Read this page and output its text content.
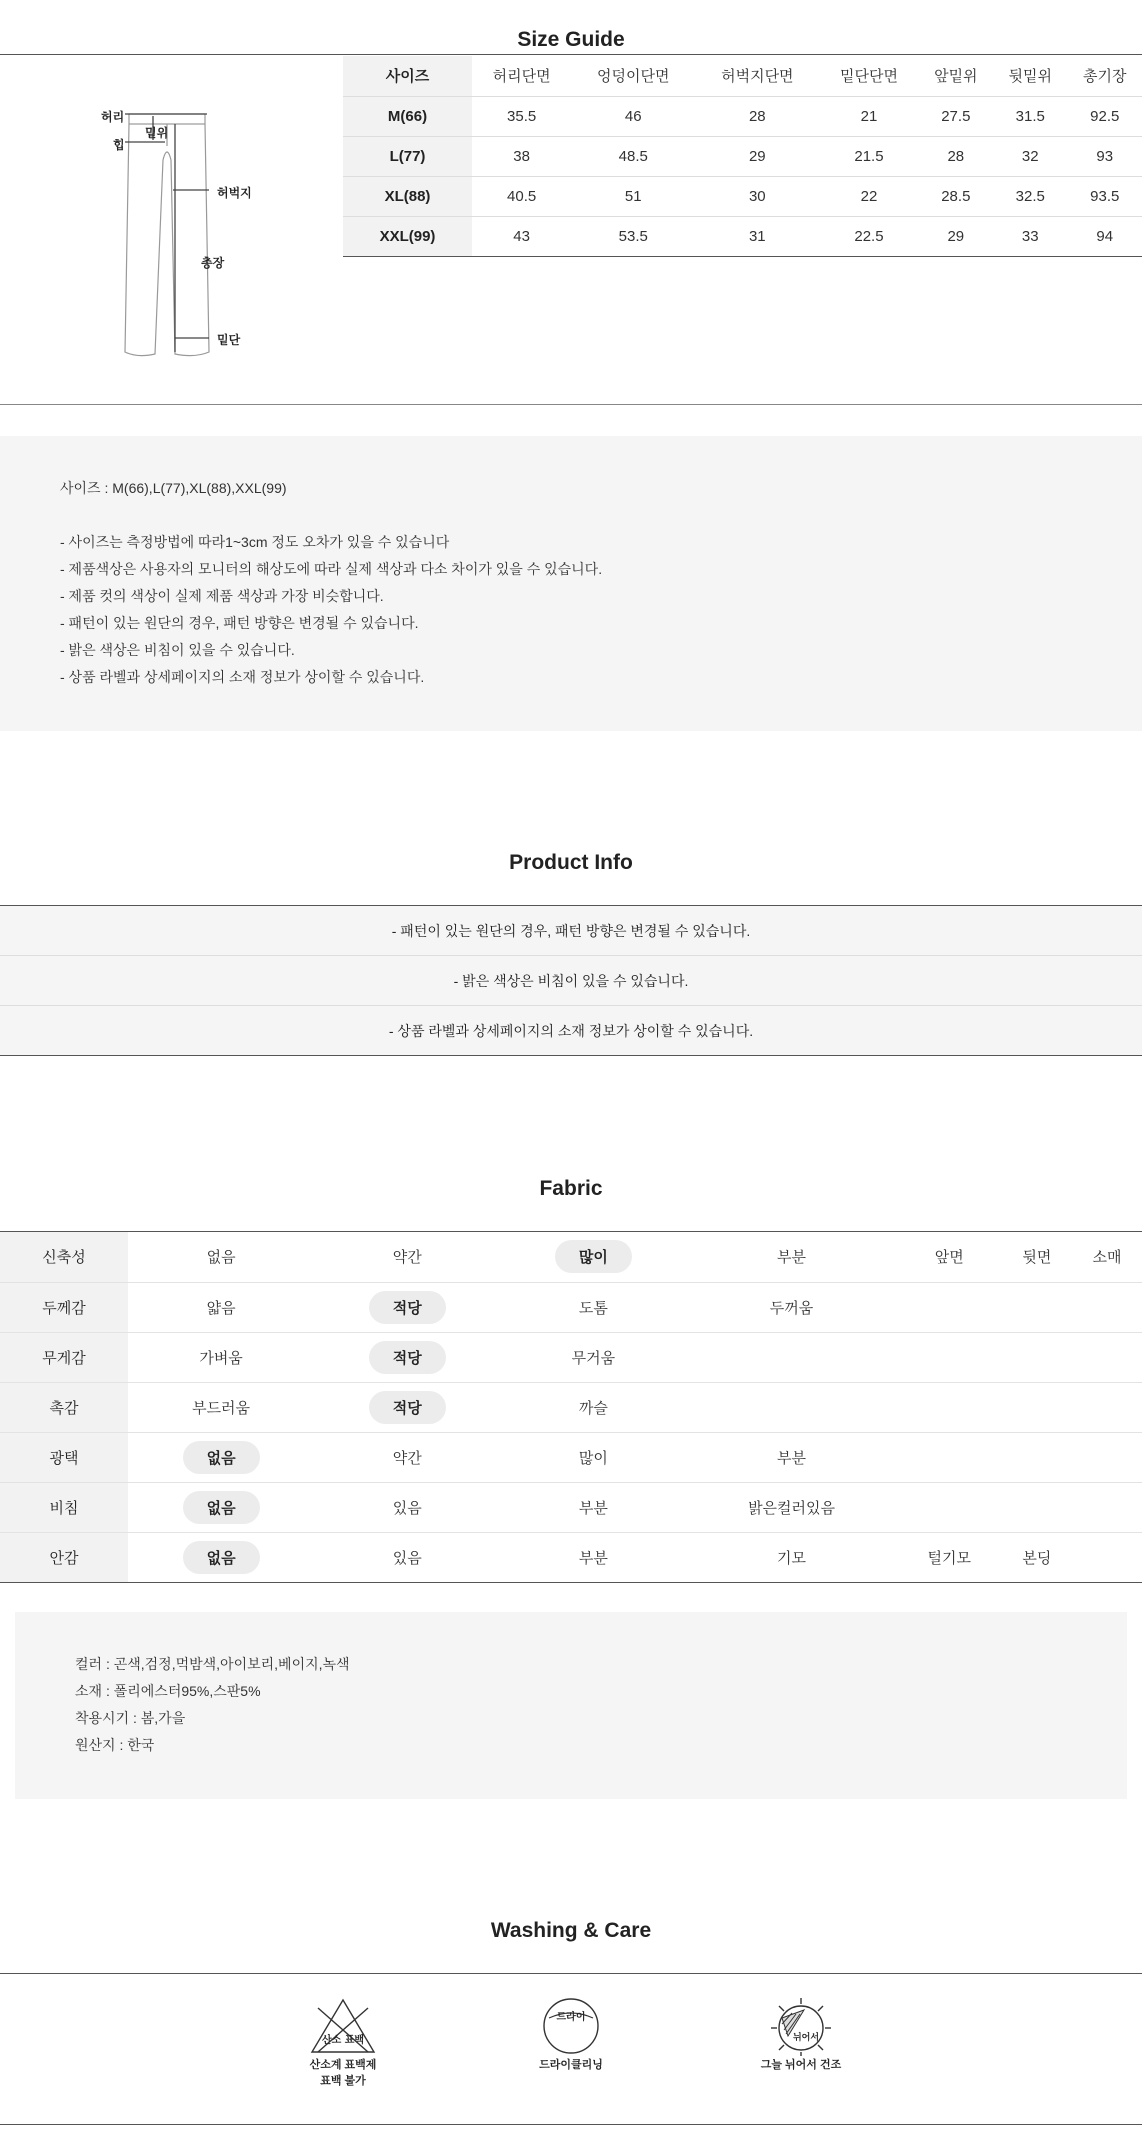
Size Guide
허리
힙
밑위
허벅지
총장
밑단
사이즈	허리단면	엉덩이단면	허벅지단면	밑단단면	앞밑위	뒷밑위	총기장
M(66)	35.5	46	28	21	27.5	31.5	92.5
L(77)	38	48.5	29	21.5	28	32	93
XL(88)	40.5	51	30	22	28.5	32.5	93.5
XXL(99)	43	53.5	31	22.5	29	33	94
사이즈 : M(66),L(77),XL(88),XXL(99)
- 사이즈는 측정방법에 따라1~3cm 정도 오차가 있을 수 있습니다
- 제품색상은 사용자의 모니터의 해상도에 따라 실제 색상과 다소 차이가 있을 수 있습니다.
- 제품 컷의 색상이 실제 제품 색상과 가장 비슷합니다.
- 패턴이 있는 원단의 경우, 패턴 방향은 변경될 수 있습니다.
- 밝은 색상은 비침이 있을 수 있습니다.
- 상품 라벨과 상세페이지의 소재 정보가 상이할 수 있습니다.
Product Info
- 패턴이 있는 원단의 경우, 패턴 방향은 변경될 수 있습니다.
- 밝은 색상은 비침이 있을 수 있습니다.
- 상품 라벨과 상세페이지의 소재 정보가 상이할 수 있습니다.
Fabric
신축성	없음	약간	많이	부분	앞면	뒷면	소매
두께감	얇음	적당	도톰	두꺼움			
무게감	가벼움	적당	무거움				
촉감	부드러움	적당	까슬				
광택	없음	약간	많이	부분			
비침	없음	있음	부분	밝은컬러있음			
안감	없음	있음	부분	기모	털기모	본딩	
컬러 : 곤색,검정,먹밤색,아이보리,베이지,녹색
소재 : 폴리에스터95%,스판5%
착용시기 : 봄,가을
원산지 : 한국
Washing & Care
산소 표백
산소계 표백제
표백 불가
드라이
드라이클리닝
뉘어서
그늘 뉘어서 건조
